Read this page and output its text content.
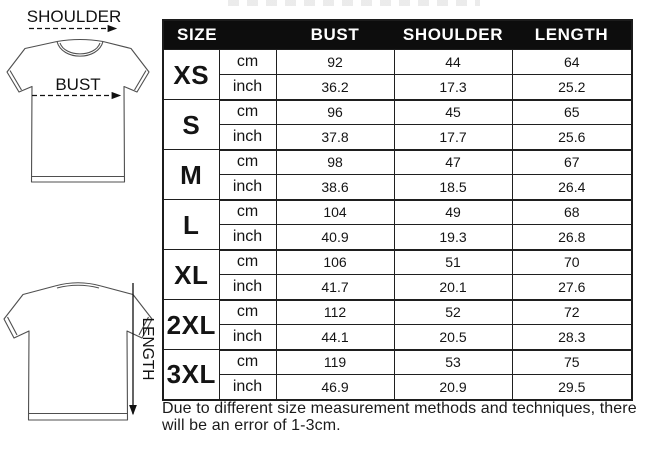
SHOULDER
BUST
LENGTH
SIZE		BUST	SHOULDER	LENGTH
XS	cm	92	44	64
	inch	36.2	17.3	25.2
S	cm	96	45	65
	inch	37.8	17.7	25.6
M	cm	98	47	67
	inch	38.6	18.5	26.4
L	cm	104	49	68
	inch	40.9	19.3	26.8
XL	cm	106	51	70
	inch	41.7	20.1	27.6
2XL	cm	112	52	72
	inch	44.1	20.5	28.3
3XL	cm	119	53	75
	inch	46.9	20.9	29.5
Due to different size measurement methods and techniques, there
will be an error of 1-3cm.
